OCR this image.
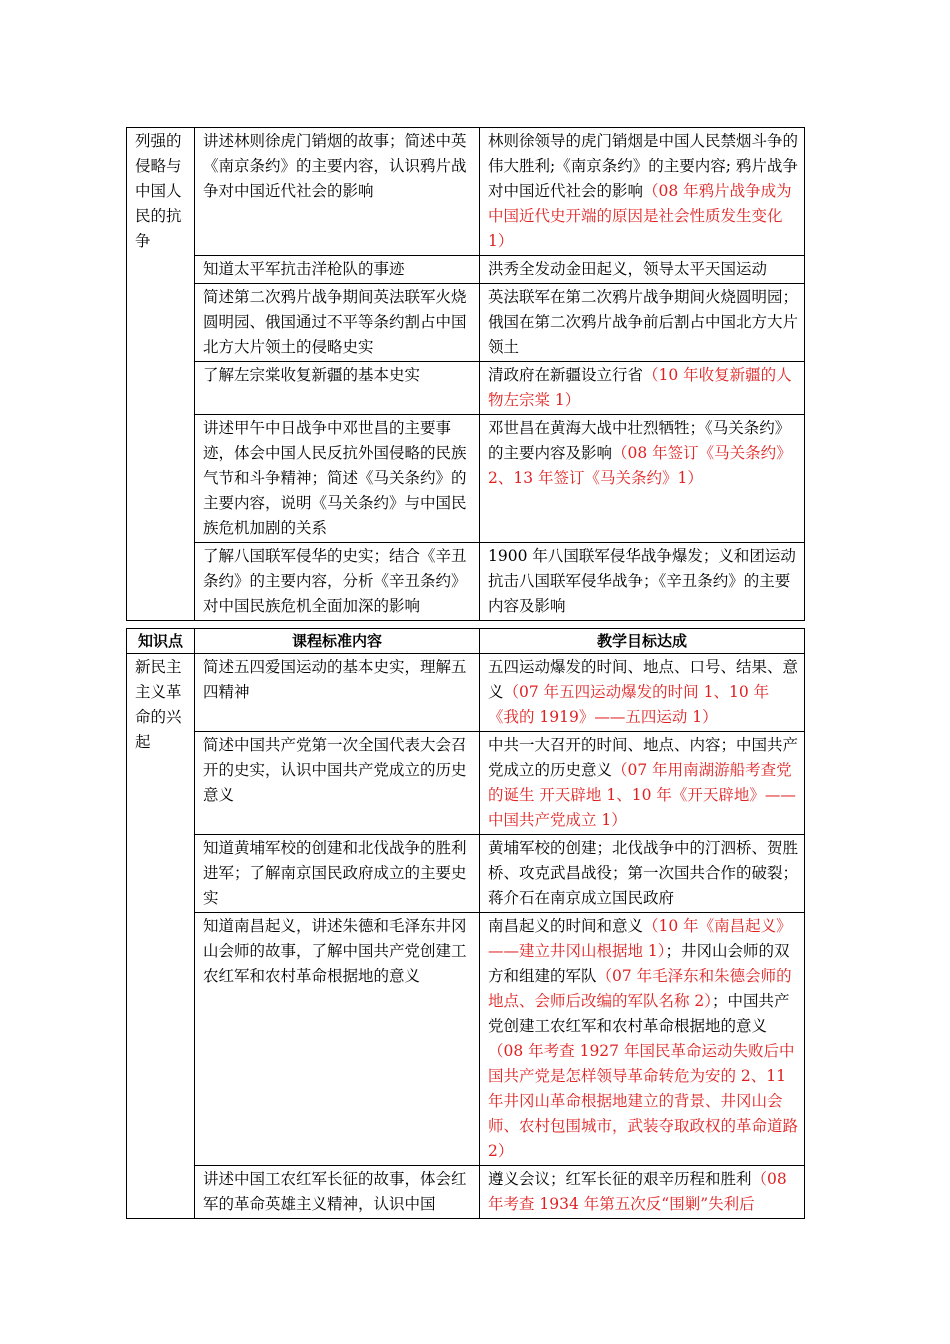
列强的侵略与中国人民的抗争	讲述林则徐虎门销烟的故事；简述中英《南京条约》的主要内容，认识鸦片战争对中国近代社会的影响	林则徐领导的虎门销烟是中国人民禁烟斗争的伟大胜利;《南京条约》的主要内容; 鸦片战争对中国近代社会的影响（08 年鸦片战争成为中国近代史开端的原因是社会性质发生变化 1）
	知道太平军抗击洋枪队的事迹	洪秀全发动金田起义，领导太平天国运动
	简述第二次鸦片战争期间英法联军火烧圆明园、俄国通过不平等条约割占中国北方大片领土的侵略史实	英法联军在第二次鸦片战争期间火烧圆明园；俄国在第二次鸦片战争前后割占中国北方大片领土
	了解左宗棠收复新疆的基本史实	清政府在新疆设立行省（10 年收复新疆的人物左宗棠 1）
	讲述甲午中日战争中邓世昌的主要事迹，体会中国人民反抗外国侵略的民族气节和斗争精神；简述《马关条约》的主要内容，说明《马关条约》与中国民族危机加剧的关系	邓世昌在黄海大战中壮烈牺牲；《马关条约》的主要内容及影响（08 年签订《马关条约》2、13 年签订《马关条约》1）
	了解八国联军侵华的史实；结合《辛丑条约》的主要内容，分析《辛丑条约》对中国民族危机全面加深的影响	1900 年八国联军侵华战争爆发；义和团运动抗击八国联军侵华战争；《辛丑条约》的主要内容及影响
知识点	课程标准内容	教学目标达成
新民主主义革命的兴起	简述五四爱国运动的基本史实，理解五四精神	五四运动爆发的时间、地点、口号、结果、意义（07 年五四运动爆发的时间 1、10 年《我的 1919》——五四运动 1）
	简述中国共产党第一次全国代表大会召开的史实，认识中国共产党成立的历史意义	中共一大召开的时间、地点、内容；中国共产党成立的历史意义（07 年用南湖游船考查党的诞生 开天辟地 1、10 年《开天辟地》——中国共产党成立 1）
	知道黄埔军校的创建和北伐战争的胜利进军；了解南京国民政府成立的主要史实	黄埔军校的创建；北伐战争中的汀泗桥、贺胜桥、攻克武昌战役；第一次国共合作的破裂；蒋介石在南京成立国民政府
	知道南昌起义，讲述朱德和毛泽东井冈山会师的故事，了解中国共产党创建工农红军和农村革命根据地的意义	南昌起义的时间和意义（10 年《南昌起义》——建立井冈山根据地 1）；井冈山会师的双方和组建的军队（07 年毛泽东和朱德会师的地点、会师后改编的军队名称 2）；中国共产党创建工农红军和农村革命根据地的意义（08 年考查 1927 年国民革命运动失败后中国共产党是怎样领导革命转危为安的 2、11 年井冈山革命根据地建立的背景、井冈山会师、农村包围城市，武装夺取政权的革命道路 2）
	讲述中国工农红军长征的故事，体会红军的革命英雄主义精神，认识中国	遵义会议；红军长征的艰辛历程和胜利（08 年考查 1934 年第五次反“围剿”失利后
